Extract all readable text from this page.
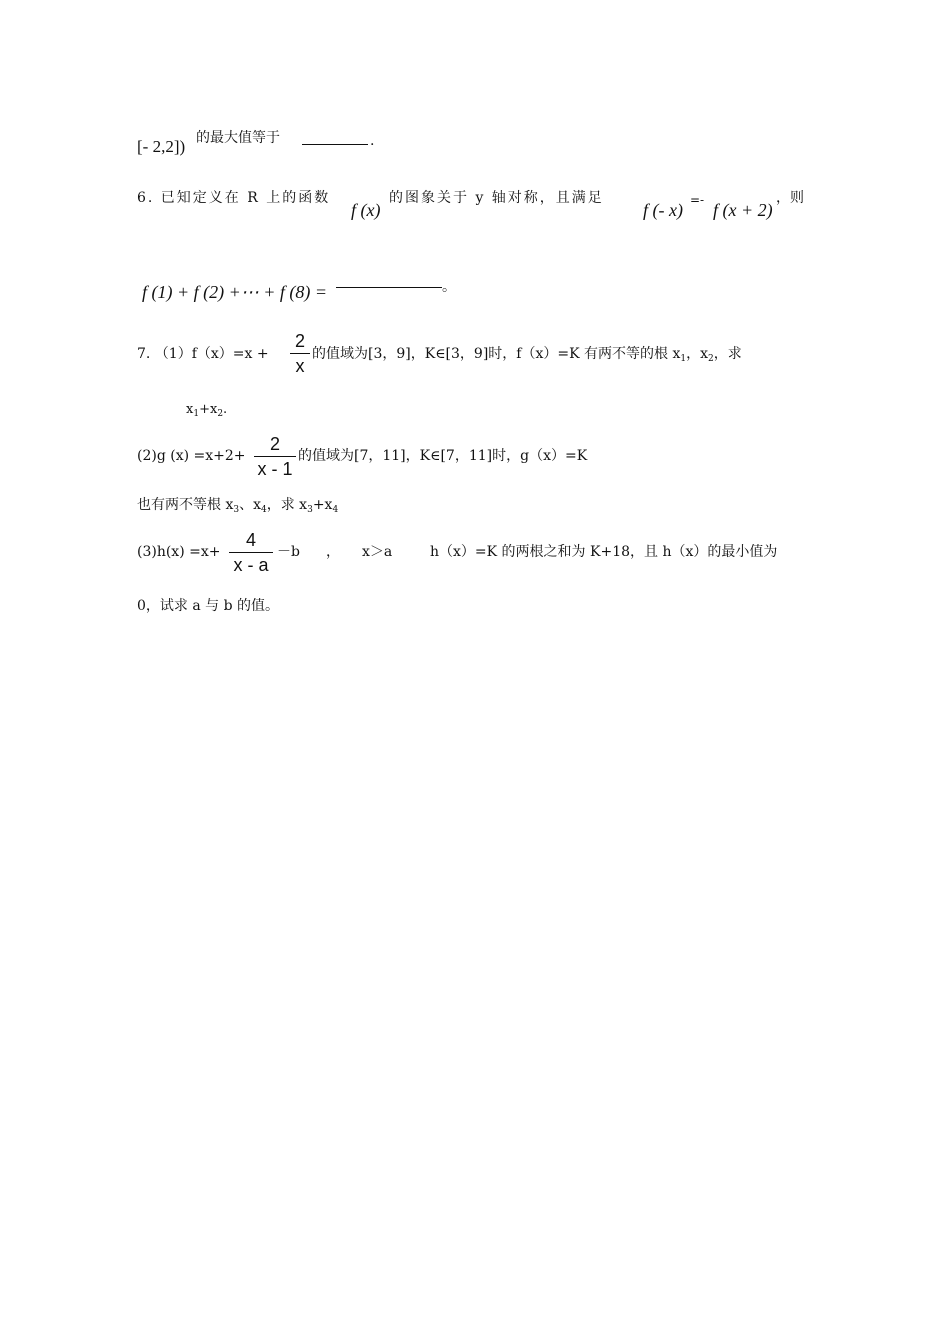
[- 2,2]) 的最大值等于	.
6. 已知定义在 R 上的函数
f (x)
的图象关于 y 轴对称，且满足
f (- x) =- f (x + 2)
，则
f (1) + f (2) +⋯ + f (8) =	。
7. （1）f（x）=x +
2
x
的值域为[3，9]，K∈[3，9]时，f（x）=K 有两不等的根 $x_1$，$x_2$，求
$x_1+x_2$.
(2)g (x) =x+2+
2
x - 1
的值域为[7，11]，K∈[7，11]时，g（x）=K
也有两不等根 $x_3$、$x_4$，求 $x_3+x_4$
(3)h(x) =x+
4
x - a
－b ， x＞a	h（x）=K 的两根之和为 K+18，且 h（x）的最小值为
0，试求 a 与 b 的值。
